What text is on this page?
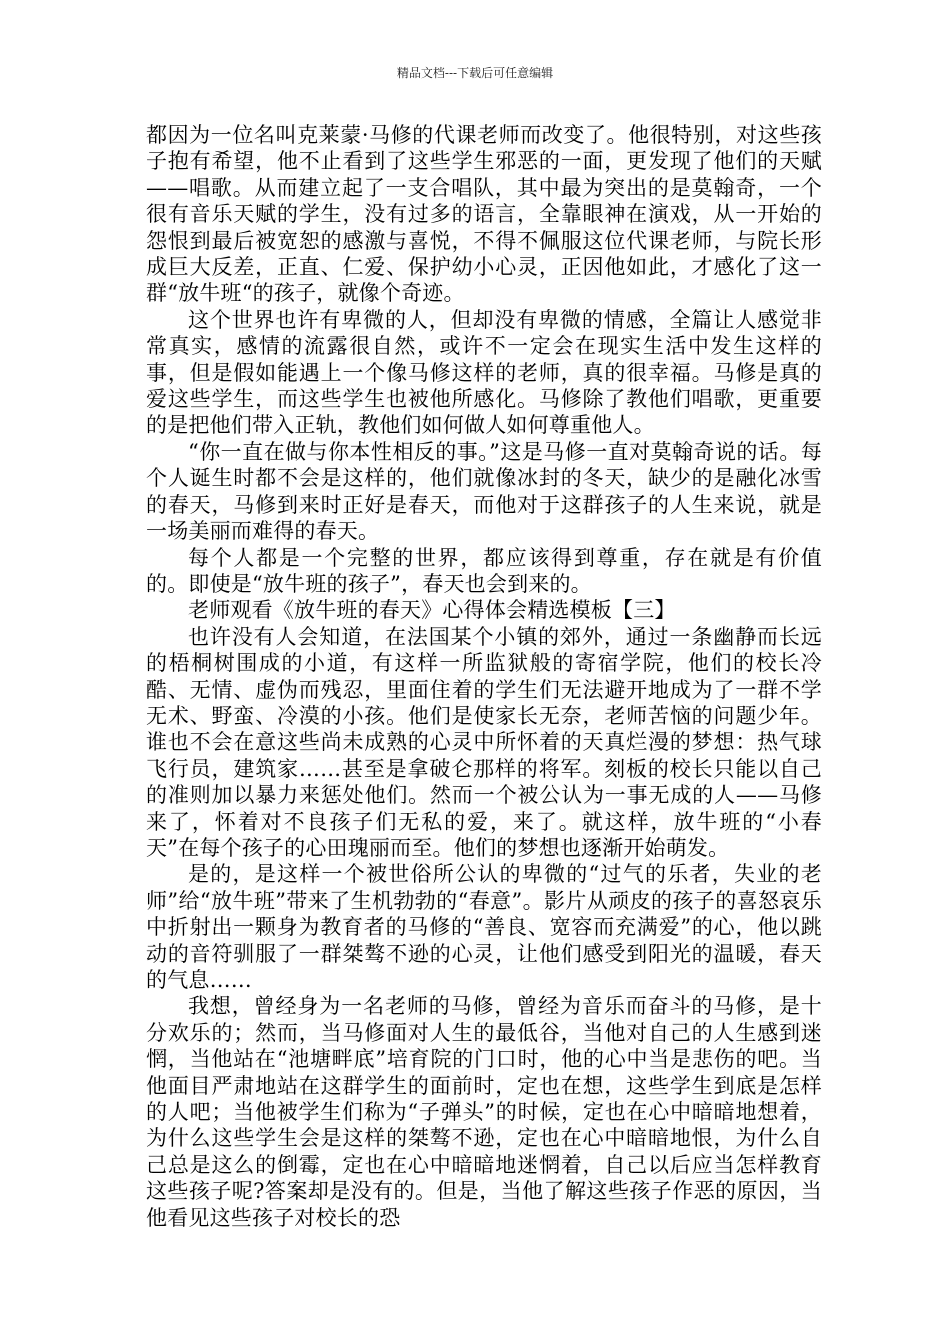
精品文档---下载后可任意编辑

都因为一位名叫克莱蒙·马修的代课老师而改变了。他很特别，对这些孩子抱有希望，他不止看到了这些学生邪恶的一面，更发现了他们的天赋——唱歌。从而建立起了一支合唱队，其中最为突出的是莫翰奇，一个很有音乐天赋的学生，没有过多的语言，全靠眼神在演戏，从一开始的怨恨到最后被宽恕的感激与喜悦，不得不佩服这位代课老师，与院长形成巨大反差，正直、仁爱、保护幼小心灵，正因他如此，才感化了这一群“放牛班“的孩子，就像个奇迹。

这个世界也许有卑微的人，但却没有卑微的情感，全篇让人感觉非常真实，感情的流露很自然，或许不一定会在现实生活中发生这样的事，但是假如能遇上一个像马修这样的老师，真的很幸福。马修是真的爱这些学生，而这些学生也被他所感化。马修除了教他们唱歌，更重要的是把他们带入正轨，教他们如何做人如何尊重他人。

“你一直在做与你本性相反的事。”这是马修一直对莫翰奇说的话。每个人诞生时都不会是这样的，他们就像冰封的冬天，缺少的是融化冰雪的春天，马修到来时正好是春天，而他对于这群孩子的人生来说，就是一场美丽而难得的春天。

每个人都是一个完整的世界，都应该得到尊重，存在就是有价值的。即使是“放牛班的孩子”，春天也会到来的。

老师观看《放牛班的春天》心得体会精选模板【三】

也许没有人会知道，在法国某个小镇的郊外，通过一条幽静而长远的梧桐树围成的小道，有这样一所监狱般的寄宿学院，他们的校长冷酷、无情、虚伪而残忍，里面住着的学生们无法避开地成为了一群不学无术、野蛮、冷漠的小孩。他们是使家长无奈，老师苦恼的问题少年。谁也不会在意这些尚未成熟的心灵中所怀着的天真烂漫的梦想：热气球飞行员，建筑家……甚至是拿破仑那样的将军。刻板的校长只能以自己的准则加以暴力来惩处他们。然而一个被公认为一事无成的人——马修来了，怀着对不良孩子们无私的爱，来了。就这样，放牛班的“小春天”在每个孩子的心田瑰丽而至。他们的梦想也逐渐开始萌发。

是的，是这样一个被世俗所公认的卑微的“过气的乐者，失业的老师”给“放牛班”带来了生机勃勃的“春意”。影片从顽皮的孩子的喜怒哀乐中折射出一颗身为教育者的马修的“善良、宽容而充满爱”的心，他以跳动的音符驯服了一群桀骜不逊的心灵，让他们感受到阳光的温暖，春天的气息……

我想，曾经身为一名老师的马修，曾经为音乐而奋斗的马修，是十分欢乐的；然而，当马修面对人生的最低谷，当他对自己的人生感到迷惘，当他站在“池塘畔底”培育院的门口时，他的心中当是悲伤的吧。当他面目严肃地站在这群学生的面前时，定也在想，这些学生到底是怎样的人吧；当他被学生们称为“子弹头”的时候，定也在心中暗暗地想着，为什么这些学生会是这样的桀骜不逊，定也在心中暗暗地恨，为什么自己总是这么的倒霉，定也在心中暗暗地迷惘着，自己以后应当怎样教育这些孩子呢?答案却是没有的。但是，当他了解这些孩子作恶的原因，当他看见这些孩子对校长的恐
